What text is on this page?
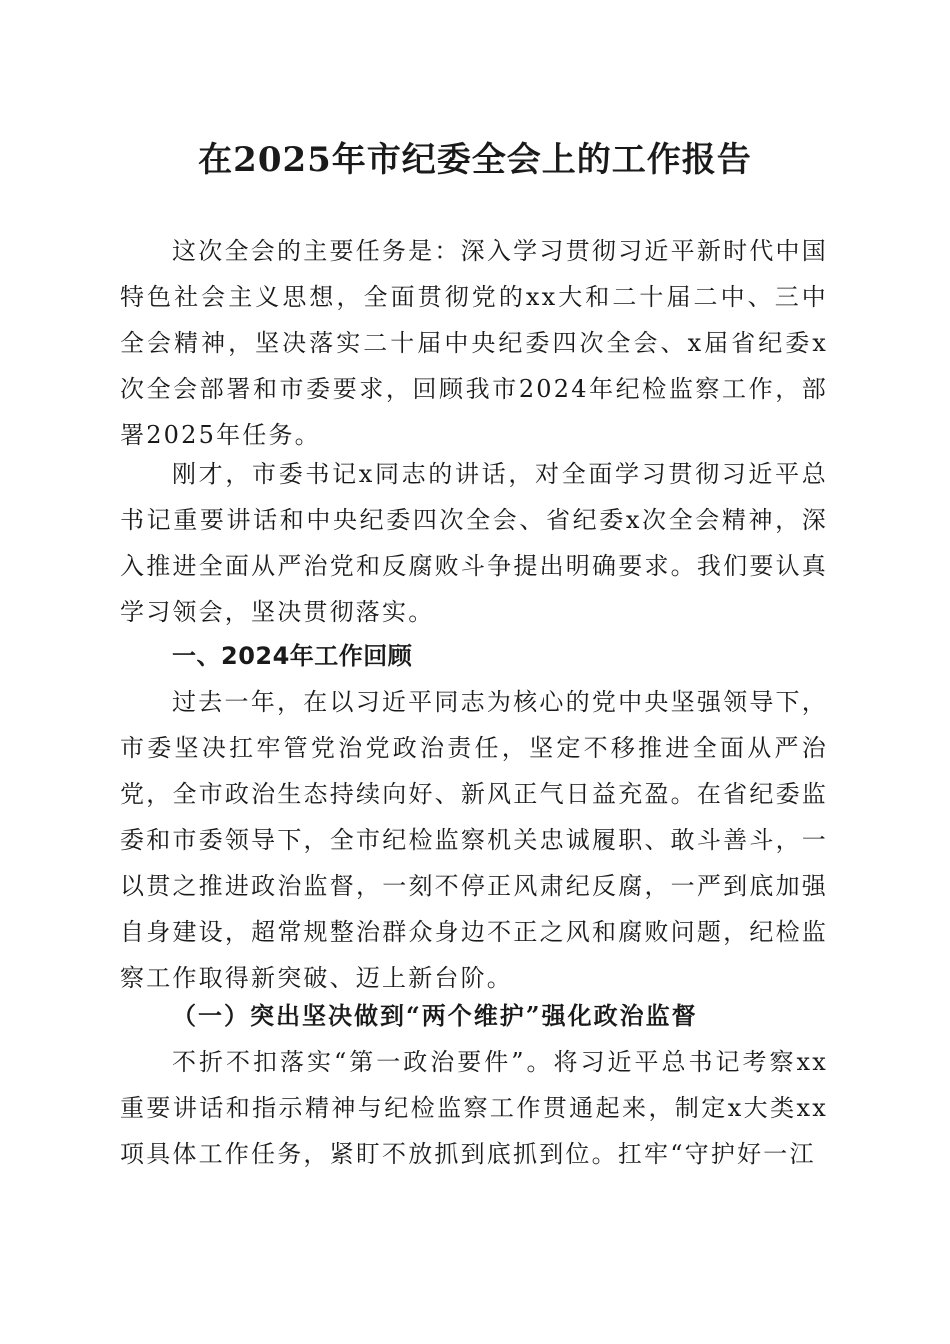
在2025年市纪委全会上的工作报告

这次全会的主要任务是：深入学习贯彻习近平新时代中国特色社会主义思想，全面贯彻党的xx大和二十届二中、三中全会精神，坚决落实二十届中央纪委四次全会、x届省纪委x次全会部署和市委要求，回顾我市2024年纪检监察工作，部署2025年任务。

刚才，市委书记x同志的讲话，对全面学习贯彻习近平总书记重要讲话和中央纪委四次全会、省纪委x次全会精神，深入推进全面从严治党和反腐败斗争提出明确要求。我们要认真学习领会，坚决贯彻落实。

一、2024年工作回顾

过去一年，在以习近平同志为核心的党中央坚强领导下，市委坚决扛牢管党治党政治责任，坚定不移推进全面从严治党，全市政治生态持续向好、新风正气日益充盈。在省纪委监委和市委领导下，全市纪检监察机关忠诚履职、敢斗善斗，一以贯之推进政治监督，一刻不停正风肃纪反腐，一严到底加强自身建设，超常规整治群众身边不正之风和腐败问题，纪检监察工作取得新突破、迈上新台阶。

（一）突出坚决做到“两个维护”强化政治监督

不折不扣落实“第一政治要件”。将习近平总书记考察xx重要讲话和指示精神与纪检监察工作贯通起来，制定x大类xx项具体工作任务，紧盯不放抓到底抓到位。扛牢“守护好一江
